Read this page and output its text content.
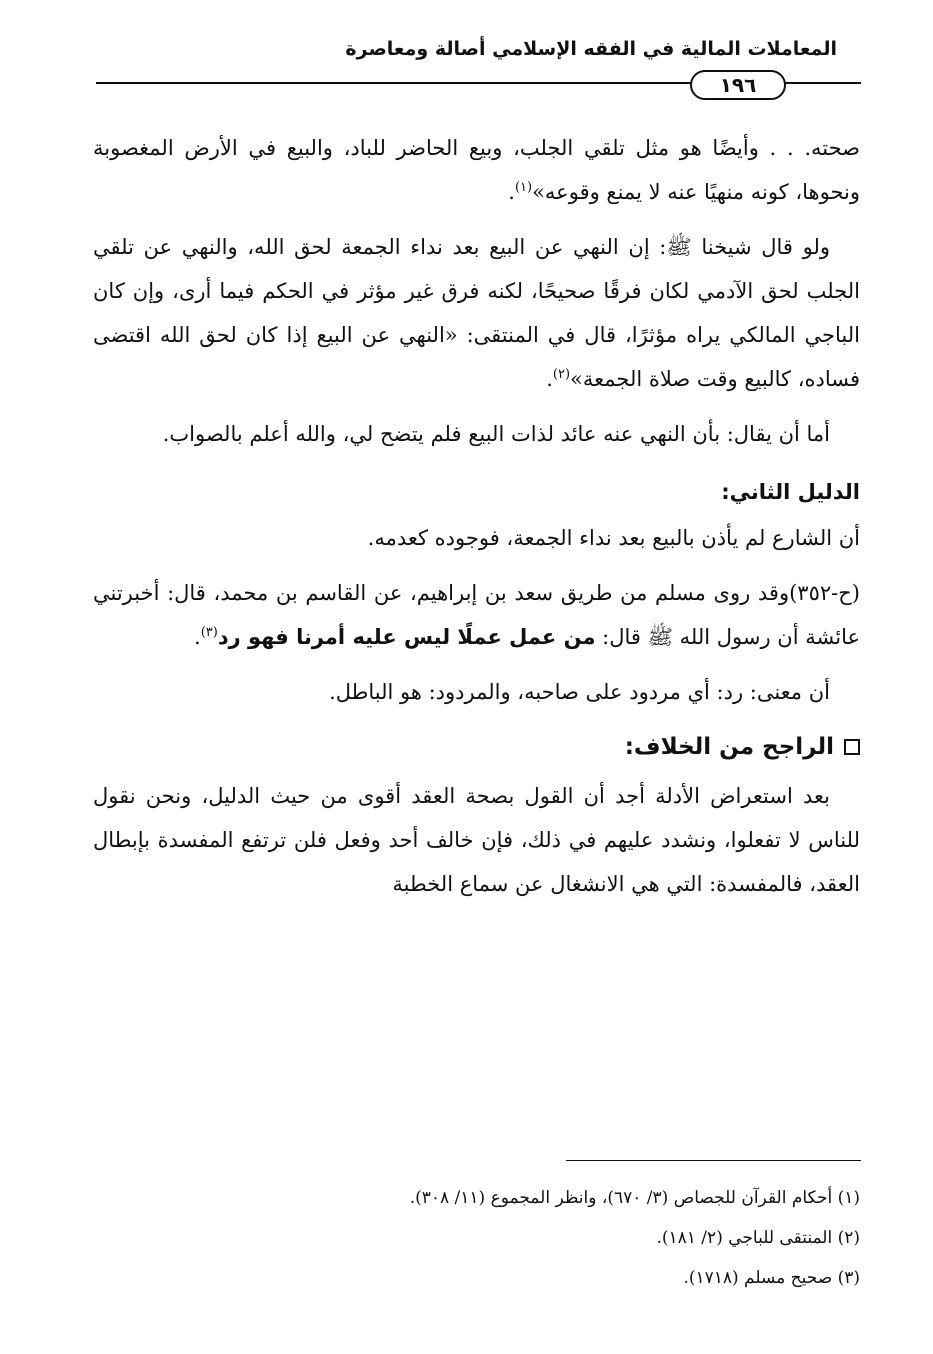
المعاملات المالية في الفقه الإسلامي أصالة ومعاصرة
١٩٦

صحته. . . وأيضًا هو مثل تلقي الجلب، وبيع الحاضر للباد، والبيع في الأرض المغصوبة ونحوها، كونه منهيًا عنه لا يمنع وقوعه»$^{(١)}$.

ولو قال شيخنا ﷺ: إن النهي عن البيع بعد نداء الجمعة لحق الله، والنهي عن تلقي الجلب لحق الآدمي لكان فرقًا صحيحًا، لكنه فرق غير مؤثر في الحكم فيما أرى، وإن كان الباجي المالكي يراه مؤثرًا، قال في المنتقى: «النهي عن البيع إذا كان لحق الله اقتضى فساده، كالبيع وقت صلاة الجمعة»$^{(٢)}$.

أما أن يقال: بأن النهي عنه عائد لذات البيع فلم يتضح لي، والله أعلم بالصواب.

الدليل الثاني:

أن الشارع لم يأذن بالبيع بعد نداء الجمعة، فوجوده كعدمه.

(ح-٣٥٢)وقد روى مسلم من طريق سعد بن إبراهيم، عن القاسم بن محمد، قال: أخبرتني عائشة أن رسول الله ﷺ قال: من عمل عملًا ليس عليه أمرنا فهو رد$^{(٣)}$.

أن معنى: رد: أي مردود على صاحبه، والمردود: هو الباطل.

الراجح من الخلاف:

بعد استعراض الأدلة أجد أن القول بصحة العقد أقوى من حيث الدليل، ونحن نقول للناس لا تفعلوا، ونشدد عليهم في ذلك، فإن خالف أحد وفعل فلن ترتفع المفسدة بإبطال العقد، فالمفسدة: التي هي الانشغال عن سماع الخطبة

(١) أحكام القرآن للجصاص (٣/ ٦٧٠)، وانظر المجموع (١١/ ٣٠٨).
(٢) المنتقى للباجي (٢/ ١٨١).
(٣) صحيح مسلم (١٧١٨).
